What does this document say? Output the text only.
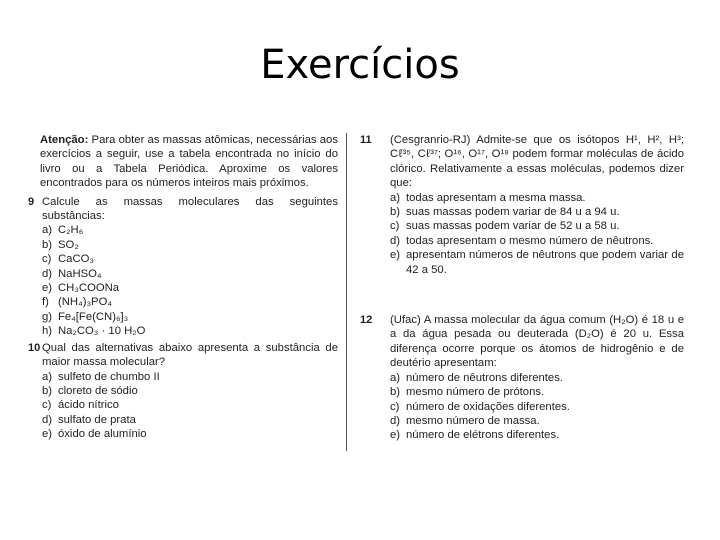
Exercícios

Atenção: Para obter as massas atômicas, necessárias aos exercícios a seguir, use a tabela encontrada no início do livro ou a Tabela Periódica. Aproxime os valores encontrados para os números inteiros mais próximos.

9 Calcule as massas moleculares das seguintes substâncias:
a) C₂H₆
b) SO₂
c) CaCO₃
d) NaHSO₄
e) CH₃COONa
f) (NH₄)₃PO₄
g) Fe₄[Fe(CN)₆]₃
h) Na₂CO₃ · 10 H₂O
10 Qual das alternativas abaixo apresenta a substância de maior massa molecular?
a) sulfeto de chumbo II
b) cloreto de sódio
c) ácido nítrico
d) sulfato de prata
e) óxido de alumínio
11	(Cesgranrio-RJ) Admite-se que os isótopos H¹, H², H³; Cℓ³⁵, Cℓ³⁷; O¹⁶, O¹⁷, O¹⁸ podem formar moléculas de ácido clórico. Relativamente a essas moléculas, podemos dizer que:
a) todas apresentam a mesma massa.
b) suas massas podem variar de 84 u a 94 u.
c) suas massas podem variar de 52 u a 58 u.
d) todas apresentam o mesmo número de nêutrons.
e) apresentam números de nêutrons que podem variar de 42 a 50.
12	(Ufac) A massa molecular da água comum (H₂O) é 18 u e a da água pesada ou deuterada (D₂O) é 20 u. Essa diferença ocorre porque os átomos de hidrogênio e de deutério apresentam:
a) número de nêutrons diferentes.
b) mesmo número de prótons.
c) número de oxidações diferentes.
d) mesmo número de massa.
e) número de elétrons diferentes.
